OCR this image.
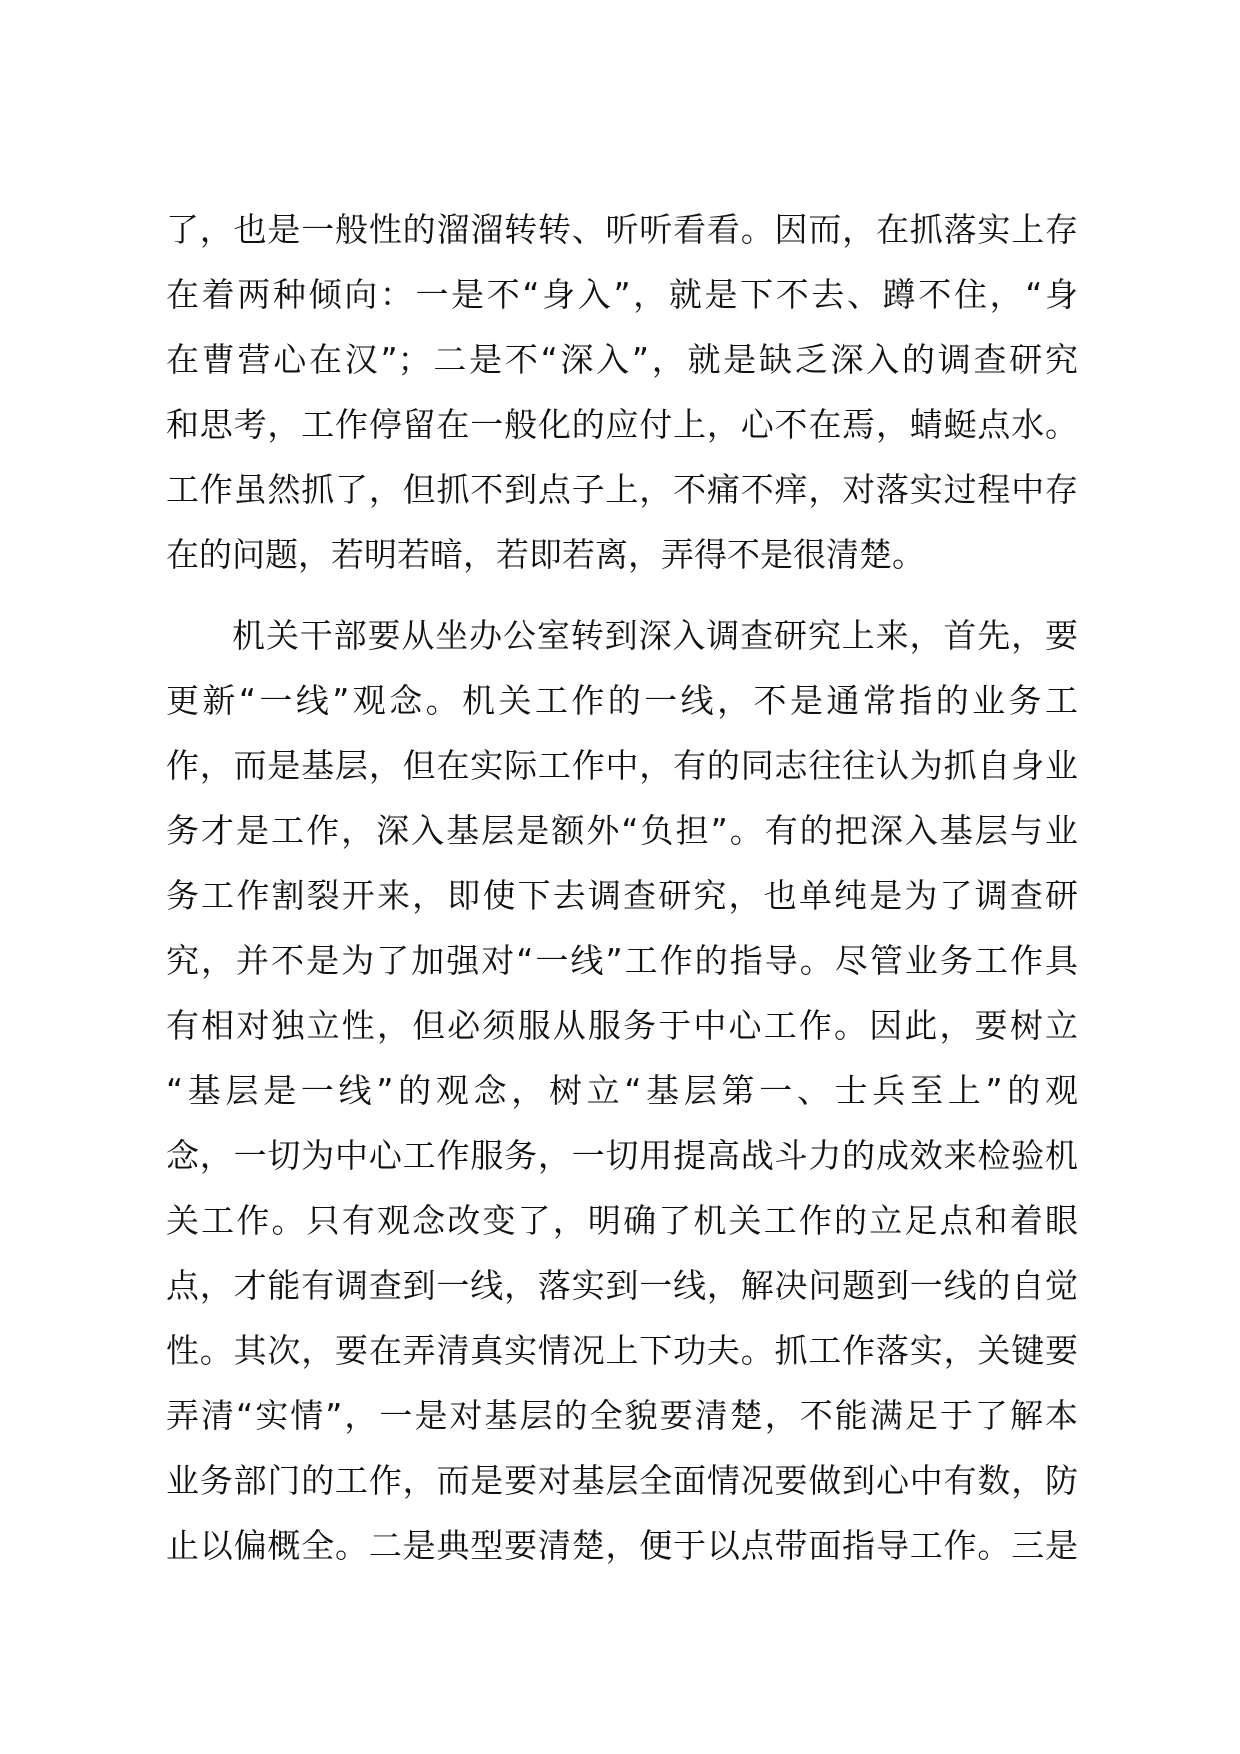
了，也是一般性的溜溜转转、听听看看。因而，在抓落实上存
在着两种倾向：一是不“身入”，就是下不去、蹲不住，“身
在曹营心在汉”；二是不“深入”，就是缺乏深入的调查研究
和思考，工作停留在一般化的应付上，心不在焉，蜻蜓点水。
工作虽然抓了，但抓不到点子上，不痛不痒，对落实过程中存
在的问题，若明若暗，若即若离，弄得不是很清楚。
机关干部要从坐办公室转到深入调查研究上来，首先，要
更新“一线”观念。机关工作的一线，不是通常指的业务工
作，而是基层，但在实际工作中，有的同志往往认为抓自身业
务才是工作，深入基层是额外“负担”。有的把深入基层与业
务工作割裂开来，即使下去调查研究，也单纯是为了调查研
究，并不是为了加强对“一线”工作的指导。尽管业务工作具
有相对独立性，但必须服从服务于中心工作。因此，要树立
“基层是一线”的观念，树立“基层第一、士兵至上”的观
念，一切为中心工作服务，一切用提高战斗力的成效来检验机
关工作。只有观念改变了，明确了机关工作的立足点和着眼
点，才能有调查到一线，落实到一线，解决问题到一线的自觉
性。其次，要在弄清真实情况上下功夫。抓工作落实，关键要
弄清“实情”，一是对基层的全貌要清楚，不能满足于了解本
业务部门的工作，而是要对基层全面情况要做到心中有数，防
止以偏概全。二是典型要清楚，便于以点带面指导工作。三是
